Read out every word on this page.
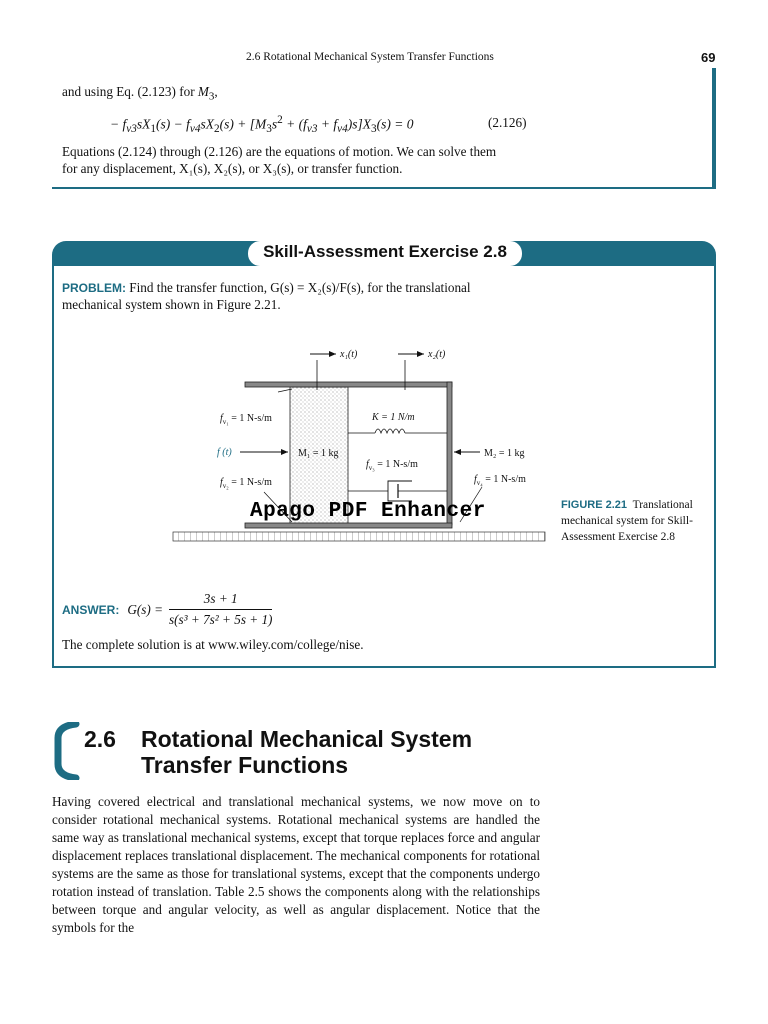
2.6 Rotational Mechanical System Transfer Functions	69
and using Eq. (2.123) for $M_3$,
− $f_{v3}sX_1(s) - f_{v4}sX_2(s) + [M_3s^2 + (f_{v3} + f_{v4})s]X_3(s) = 0$	(2.126)
Equations (2.124) through (2.126) are the equations of motion. We can solve them
for any displacement, X₁(s), X₂(s), or X₃(s), or transfer function.
Skill-Assessment Exercise 2.8
PROBLEM: Find the transfer function, G(s) = X₂(s)/F(s), for the translational
mechanical system shown in Figure 2.21.
x₁(t)	x₂(t)
$f_{v_1} = 1$ N-s/m	K = 1 N/m
f (t)	M₁ = 1 kg	M₂ = 1 kg
$f_{v_3} = 1$ N-s/m
$f_{v_2} = 1$ N-s/m	$f_{v_4} = 1$ N-s/m
Apago PDF Enhancer	FIGURE 2.21 Translational mechanical system for Skill-Assessment Exercise 2.8
ANSWER: $G(s) = \frac{3s + 1}{\text{s(s³ + 7s² + 5s + 1)}}$
The complete solution is at www.wiley.com/college/nise.
2.6 Rotational Mechanical System
Transfer Functions
Having covered electrical and translational mechanical systems, we now move on to consider rotational mechanical systems. Rotational mechanical systems are handled the same way as translational mechanical systems, except that torque replaces force and angular displacement replaces translational displacement. The mechanical components for rotational systems are the same as those for translational systems, except that the components undergo rotation instead of translation. Table 2.5 shows the components along with the relationships between torque and angular velocity, as well as angular displacement. Notice that the symbols for the
